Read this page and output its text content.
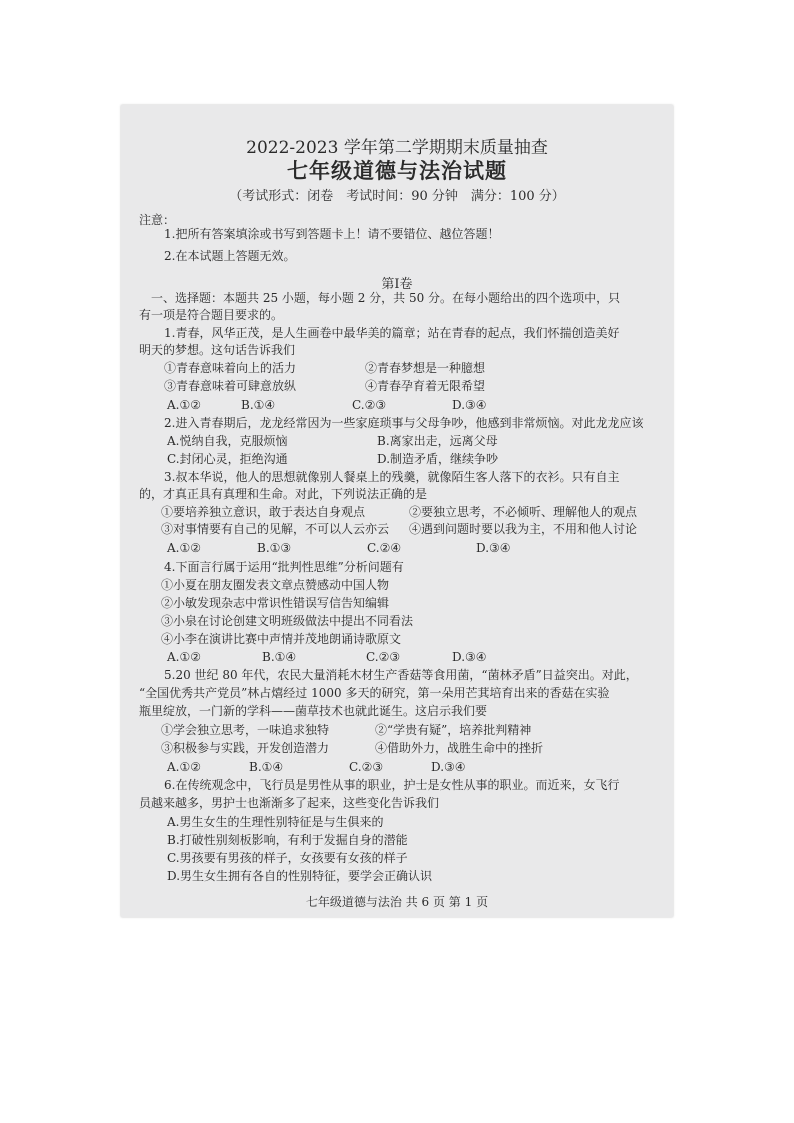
2022-2023 学年第二学期期末质量抽查
七年级道德与法治试题
（考试形式：闭卷　考试时间：90 分钟　满分：100 分）
注意：
1.把所有答案填涂或书写到答题卡上！请不要错位、越位答题！
2.在本试题上答题无效。
第Ⅰ卷
一、选择题：本题共 25 小题，每小题 2 分，共 50 分。在每小题给出的四个选项中，只
有一项是符合题目要求的。
1.青春，风华正茂，是人生画卷中最华美的篇章；站在青春的起点，我们怀揣创造美好
明天的梦想。这句话告诉我们
①青春意味着向上的活力	②青春梦想是一种臆想
③青春意味着可肆意放纵	④青春孕育着无限希望
A.①②	B.①④	C.②③	D.③④
2.进入青春期后，龙龙经常因为一些家庭琐事与父母争吵，他感到非常烦恼。对此龙龙应该
A.悦纳自我，克服烦恼	B.离家出走，远离父母
C.封闭心灵，拒绝沟通	D.制造矛盾，继续争吵
3.叔本华说，他人的思想就像别人餐桌上的残羹，就像陌生客人落下的衣衫。只有自主
的，才真正具有真理和生命。对此，下列说法正确的是
①要培养独立意识，敢于表达自身观点	②要独立思考，不必倾听、理解他人的观点
③对事情要有自己的见解，不可以人云亦云 ④遇到问题时要以我为主，不用和他人讨论
A.①②	B.①③	C.②④	D.③④
4.下面言行属于运用“批判性思维”分析问题有
①小夏在朋友圈发表文章点赞感动中国人物
②小敏发现杂志中常识性错误写信告知编辑
③小泉在讨论创建文明班级做法中提出不同看法
④小李在演讲比赛中声情并茂地朗诵诗歌原文
A.①②	B.①④	C.②③	D.③④
5.20 世纪 80 年代，农民大量消耗木材生产香菇等食用菌，“菌林矛盾”日益突出。对此，
“全国优秀共产党员”林占熺经过 1000 多天的研究，第一朵用芒萁培育出来的香菇在实验
瓶里绽放，一门新的学科——菌草技术也就此诞生。这启示我们要
①学会独立思考，一味追求独特	②“学贵有疑”，培养批判精神
③积极参与实践，开发创造潜力	④借助外力，战胜生命中的挫折
A.①②	B.①④	C.②③	D.③④
6.在传统观念中，飞行员是男性从事的职业，护士是女性从事的职业。而近来，女飞行
员越来越多，男护士也渐渐多了起来，这些变化告诉我们
A.男生女生的生理性别特征是与生俱来的
B.打破性别刻板影响，有利于发掘自身的潜能
C.男孩要有男孩的样子，女孩要有女孩的样子
D.男生女生拥有各自的性别特征，要学会正确认识
七年级道德与法治 共 6 页 第 1 页
